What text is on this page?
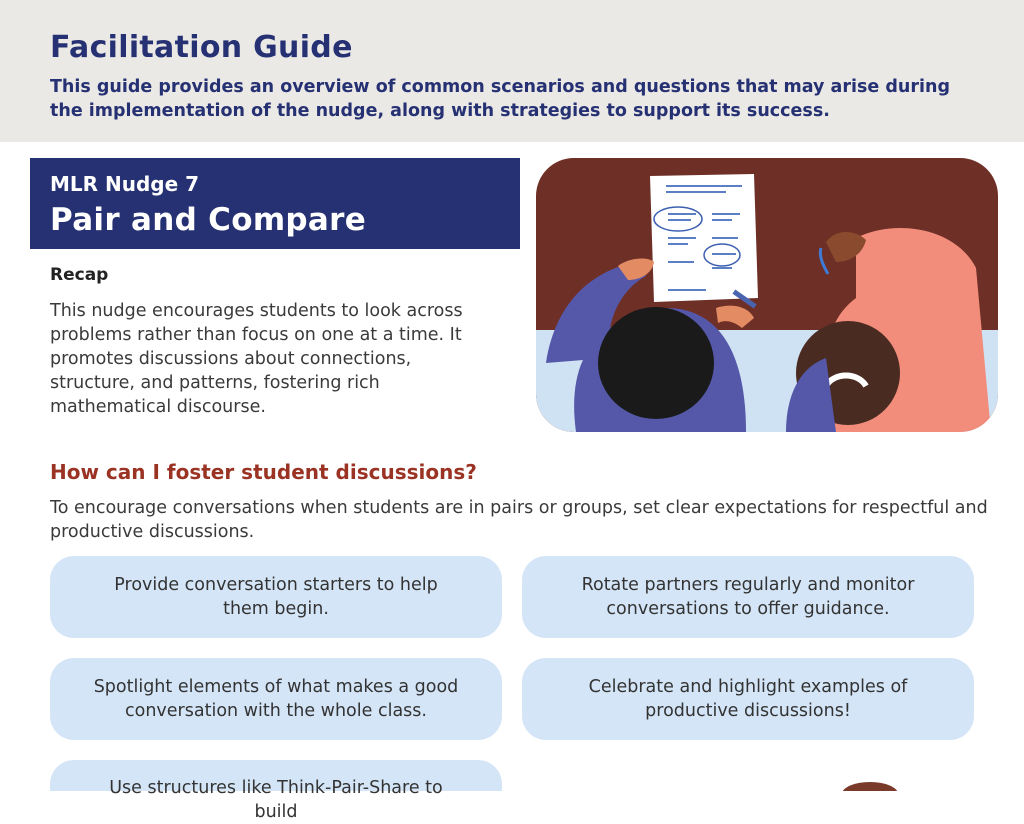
Facilitation Guide
This guide provides an overview of common scenarios and questions that may arise during the implementation of the nudge, along with strategies to support its success.
MLR Nudge 7
Pair and Compare
Recap
This nudge encourages students to look across problems rather than focus on one at a time. It promotes discussions about connections, structure, and patterns, fostering rich mathematical discourse.
How can I foster student discussions?
To encourage conversations when students are in pairs or groups, set clear expectations for respectful and productive discussions.
Provide conversation starters to help them begin.
Rotate partners regularly and monitor conversations to offer guidance.
Spotlight elements of what makes a good conversation with the whole class.
Celebrate and highlight examples of productive discussions!
Use structures like Think-Pair-Share to build
